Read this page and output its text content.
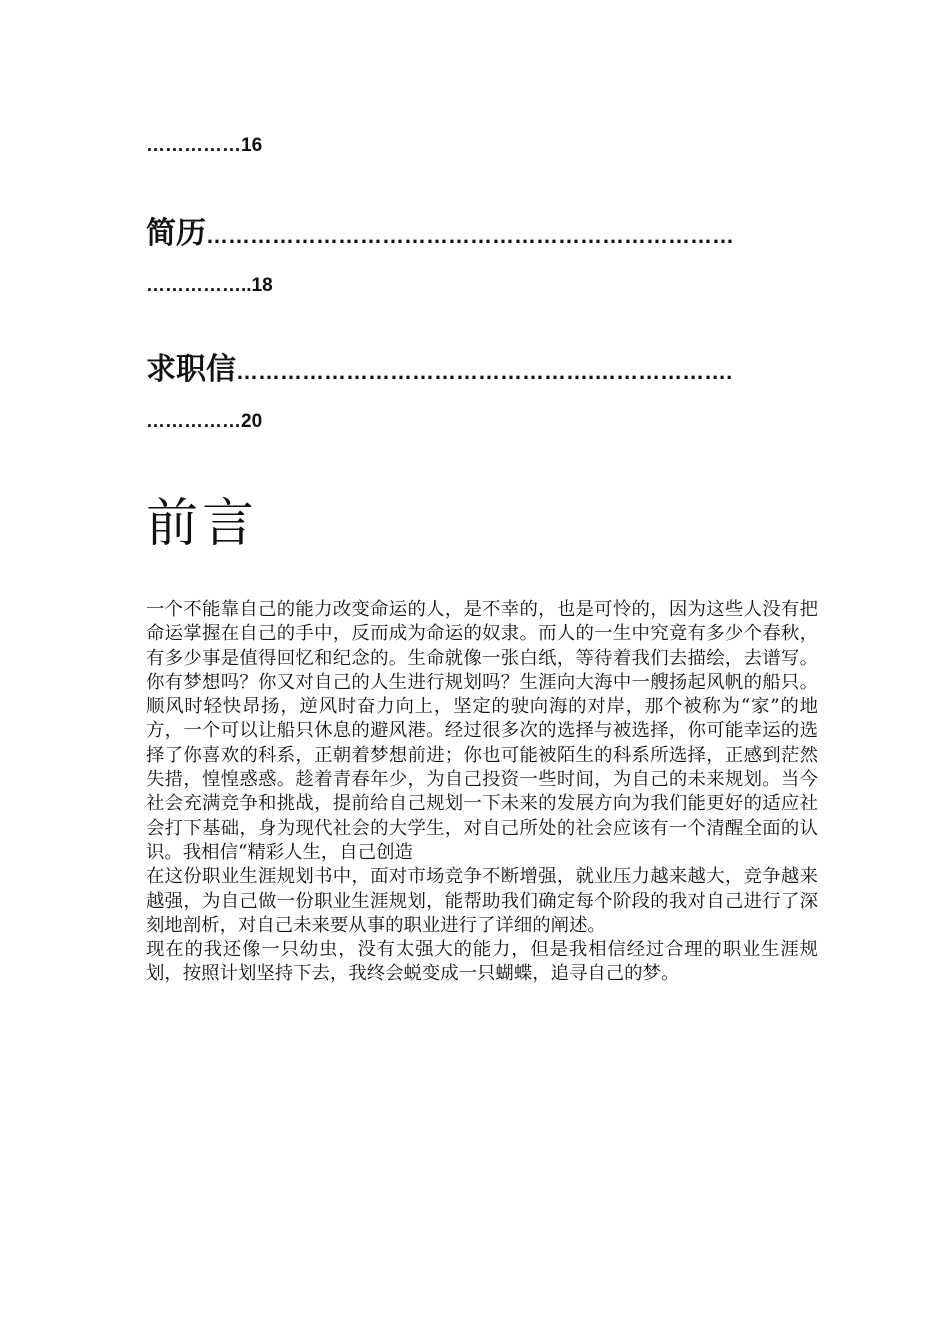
……………16
简历………………………………………………………………
……………..18
求职信………………………………………….……………….
……………20
前言

一个不能靠自己的能力改变命运的人，是不幸的，也是可怜的，因为这些人没有把命运掌握在自己的手中，反而成为命运的奴隶。而人的一生中究竟有多少个春秋，有多少事是值得回忆和纪念的。生命就像一张白纸，等待着我们去描绘，去谱写。你有梦想吗？你又对自己的人生进行规划吗？生涯向大海中一艘扬起风帆的船只。顺风时轻快昂扬，逆风时奋力向上，坚定的驶向海的对岸，那个被称为“家”的地方，一个可以让船只休息的避风港。经过很多次的选择与被选择，你可能幸运的选择了你喜欢的科系，正朝着梦想前进；你也可能被陌生的科系所选择，正感到茫然失措，惶惶惑惑。趁着青春年少，为自己投资一些时间，为自己的未来规划。当今社会充满竞争和挑战，提前给自己规划一下未来的发展方向为我们能更好的适应社会打下基础，身为现代社会的大学生，对自己所处的社会应该有一个清醒全面的认识。我相信“精彩人生，自己创造

在这份职业生涯规划书中，面对市场竞争不断增强，就业压力越来越大，竞争越来越强，为自己做一份职业生涯规划，能帮助我们确定每个阶段的我对自己进行了深刻地剖析，对自己未来要从事的职业进行了详细的阐述。

现在的我还像一只幼虫，没有太强大的能力，但是我相信经过合理的职业生涯规划，按照计划坚持下去，我终会蜕变成一只蝴蝶，追寻自己的梦。
